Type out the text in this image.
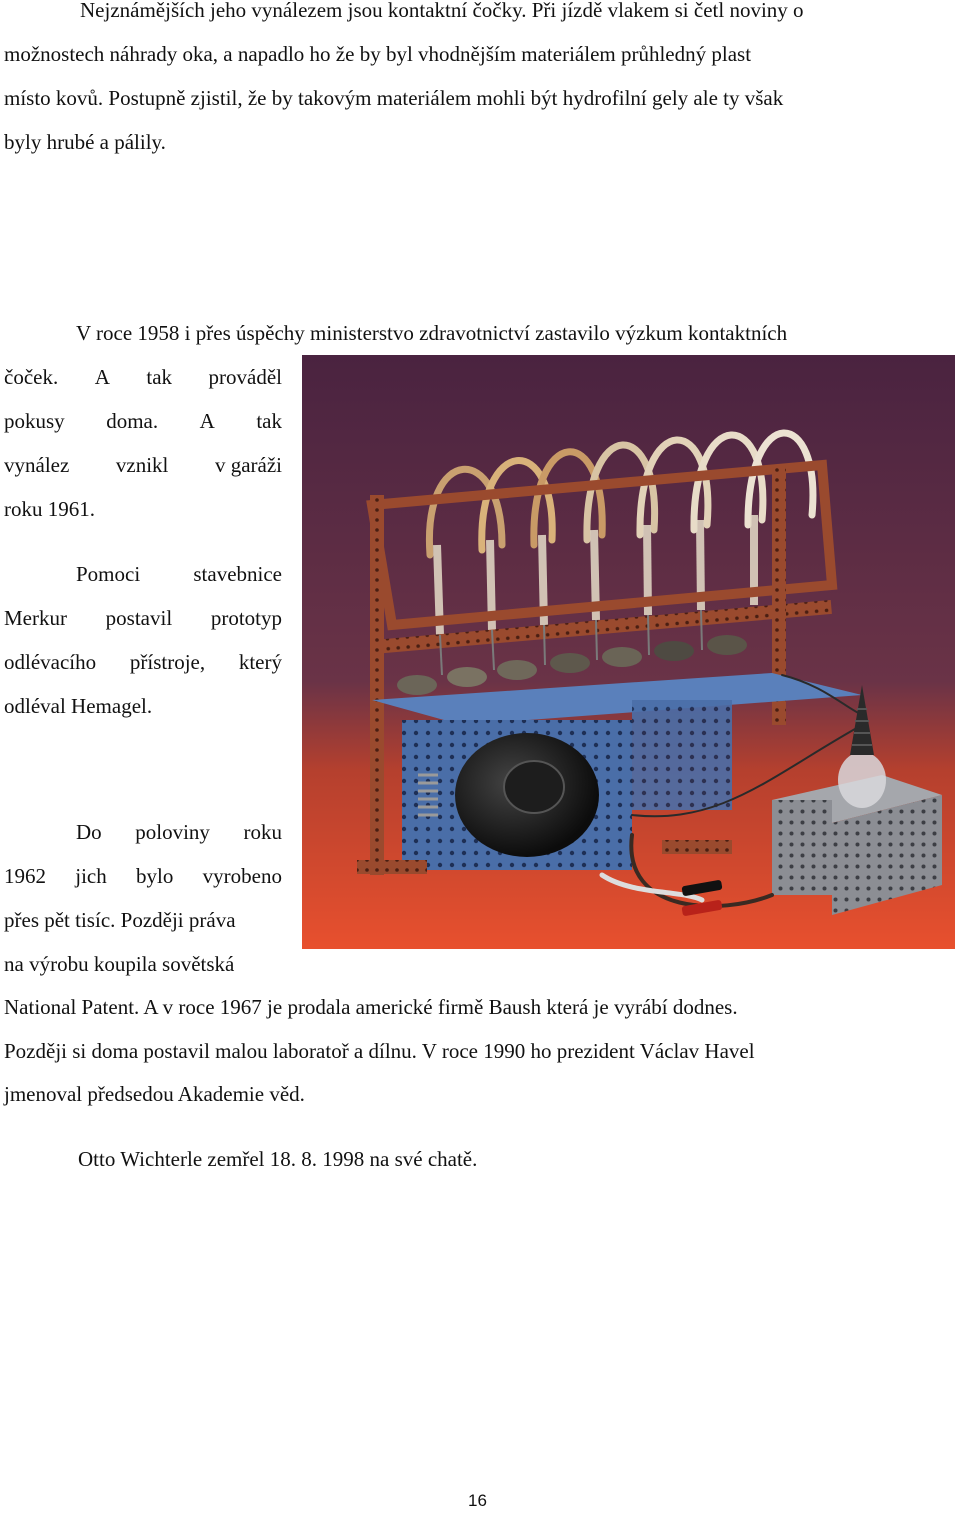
Nejznámějších jeho vynálezem jsou kontaktní čočky. Při jízdě vlakem si četl noviny o
možnostech náhrady oka, a napadlo ho že by byl vhodnějším materiálem průhledný plast
místo kovů. Postupně zjistil, že by takovým materiálem mohli být hydrofilní gely ale ty však
byly hrubé a pálily.
V roce 1958 i přes úspěchy ministerstvo zdravotnictví zastavilo výzkum kontaktních
čoček. A tak prováděl
pokusy doma. A tak
vynález vznikl v garáži
roku 1961.
Pomoci	stavebnice
Merkur postavil prototyp
odlévacího přístroje, který
odléval Hemagel.
Do poloviny roku
1962 jich bylo vyrobeno
přes pět tisíc. Později práva
na výrobu koupila sovětská
National Patent. A v roce 1967 je prodala americké firmě Baush která je vyrábí dodnes.
Později si doma postavil malou laboratoř a dílnu. V roce 1990 ho prezident Václav Havel
jmenoval předsedou Akademie věd.
Otto Wichterle zemřel 18. 8. 1998 na své chatě.
16
